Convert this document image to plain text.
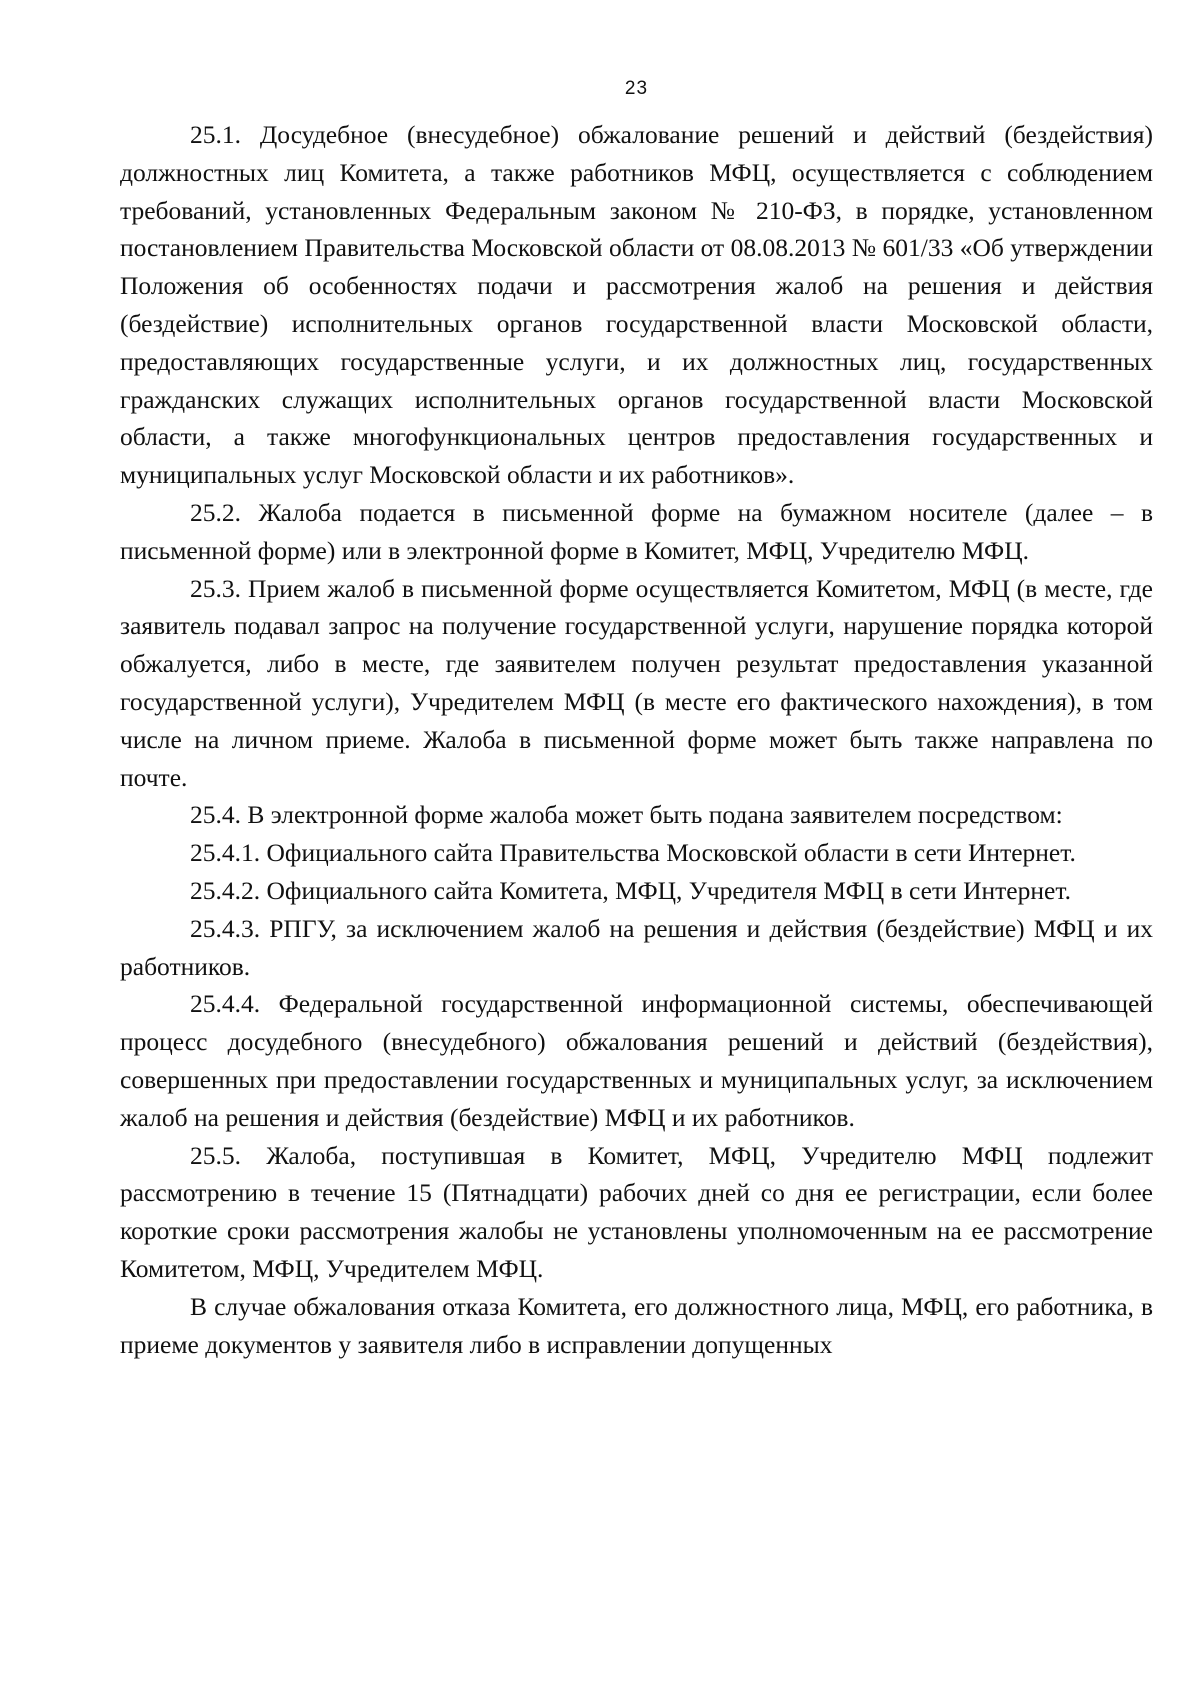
23

25.1. Досудебное (внесудебное) обжалование решений и действий (бездействия) должностных лиц Комитета, а также работников МФЦ, осуществляется с соблюдением требований, установленных Федеральным законом № 210-ФЗ, в порядке, установленном постановлением Правительства Московской области от 08.08.2013 № 601/33 «Об утверждении Положения об особенностях подачи и рассмотрения жалоб на решения и действия (бездействие) исполнительных органов государственной власти Московской области, предоставляющих государственные услуги, и их должностных лиц, государственных гражданских служащих исполнительных органов государственной власти Московской области, а также многофункциональных центров предоставления государственных и муниципальных услуг Московской области и их работников».

25.2. Жалоба подается в письменной форме на бумажном носителе (далее – в письменной форме) или в электронной форме в Комитет, МФЦ, Учредителю МФЦ.

25.3. Прием жалоб в письменной форме осуществляется Комитетом, МФЦ (в месте, где заявитель подавал запрос на получение государственной услуги, нарушение порядка которой обжалуется, либо в месте, где заявителем получен результат предоставления указанной государственной услуги), Учредителем МФЦ (в месте его фактического нахождения), в том числе на личном приеме. Жалоба в письменной форме может быть также направлена по почте.

25.4. В электронной форме жалоба может быть подана заявителем посредством:

25.4.1. Официального сайта Правительства Московской области в сети Интернет.

25.4.2. Официального сайта Комитета, МФЦ, Учредителя МФЦ в сети Интернет.

25.4.3. РПГУ, за исключением жалоб на решения и действия (бездействие) МФЦ и их работников.

25.4.4. Федеральной государственной информационной системы, обеспечивающей процесс досудебного (внесудебного) обжалования решений и действий (бездействия), совершенных при предоставлении государственных и муниципальных услуг, за исключением жалоб на решения и действия (бездействие) МФЦ и их работников.

25.5. Жалоба, поступившая в Комитет, МФЦ, Учредителю МФЦ подлежит рассмотрению в течение 15 (Пятнадцати) рабочих дней со дня ее регистрации, если более короткие сроки рассмотрения жалобы не установлены уполномоченным на ее рассмотрение Комитетом, МФЦ, Учредителем МФЦ.

В случае обжалования отказа Комитета, его должностного лица, МФЦ, его работника, в приеме документов у заявителя либо в исправлении допущенных
